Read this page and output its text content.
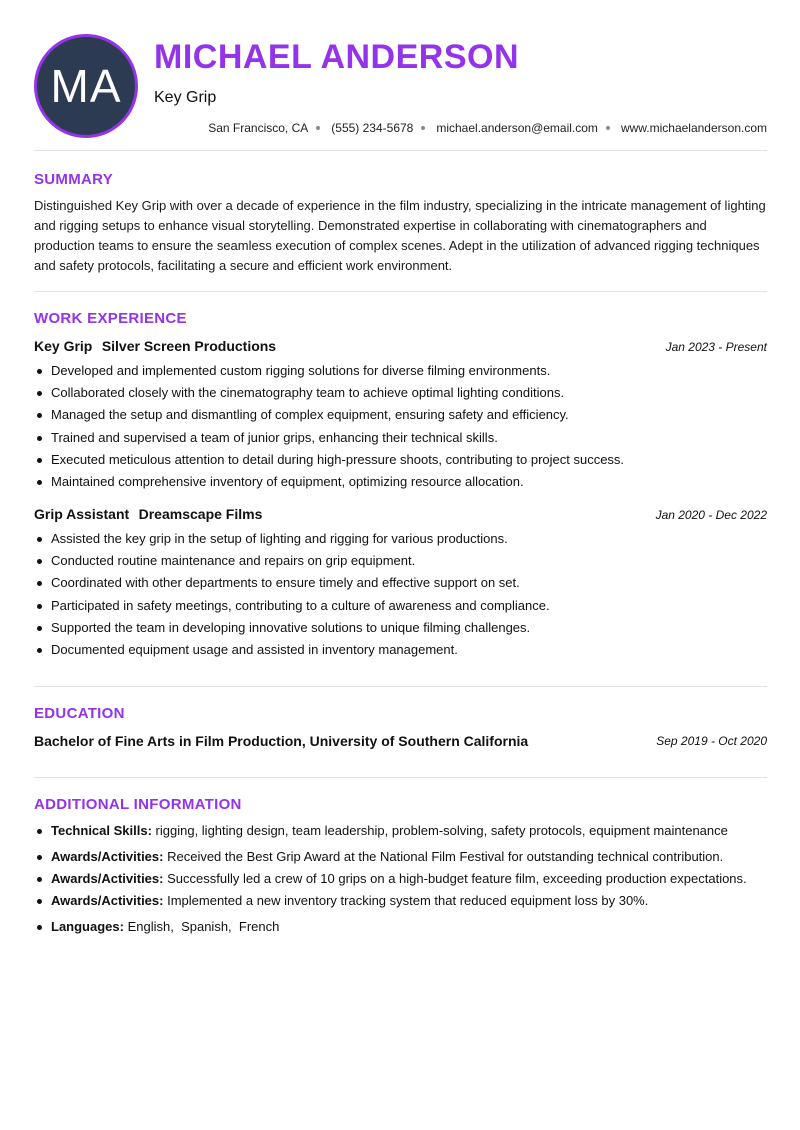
MA
MICHAEL ANDERSON
Key Grip
San Francisco, CA (555) 234-5678 michael.anderson@email.com www.michaelanderson.com
SUMMARY

Distinguished Key Grip with over a decade of experience in the film industry, specializing in the intricate management of lighting and rigging setups to enhance visual storytelling. Demonstrated expertise in collaborating with cinematographers and production teams to ensure the seamless execution of complex scenes. Adept in the utilization of advanced rigging techniques and safety protocols, facilitating a secure and efficient work environment.

WORK EXPERIENCE
Key Grip Silver Screen Productions	Jan 2023 - Present
Developed and implemented custom rigging solutions for diverse filming environments.
Collaborated closely with the cinematography team to achieve optimal lighting conditions.
Managed the setup and dismantling of complex equipment, ensuring safety and efficiency.
Trained and supervised a team of junior grips, enhancing their technical skills.
Executed meticulous attention to detail during high-pressure shoots, contributing to project success.
Maintained comprehensive inventory of equipment, optimizing resource allocation.
Grip Assistant Dreamscape Films	Jan 2020 - Dec 2022
Assisted the key grip in the setup of lighting and rigging for various productions.
Conducted routine maintenance and repairs on grip equipment.
Coordinated with other departments to ensure timely and effective support on set.
Participated in safety meetings, contributing to a culture of awareness and compliance.
Supported the team in developing innovative solutions to unique filming challenges.
Documented equipment usage and assisted in inventory management.
EDUCATION
Bachelor of Fine Arts in Film Production, University of Southern California	Sep 2019 - Oct 2020
ADDITIONAL INFORMATION
Technical Skills: rigging, lighting design, team leadership, problem-solving, safety protocols, equipment maintenance
Awards/Activities: Received the Best Grip Award at the National Film Festival for outstanding technical contribution.
Awards/Activities: Successfully led a crew of 10 grips on a high-budget feature film, exceeding production expectations.
Awards/Activities: Implemented a new inventory tracking system that reduced equipment loss by 30%.
Languages: English,  Spanish,  French
